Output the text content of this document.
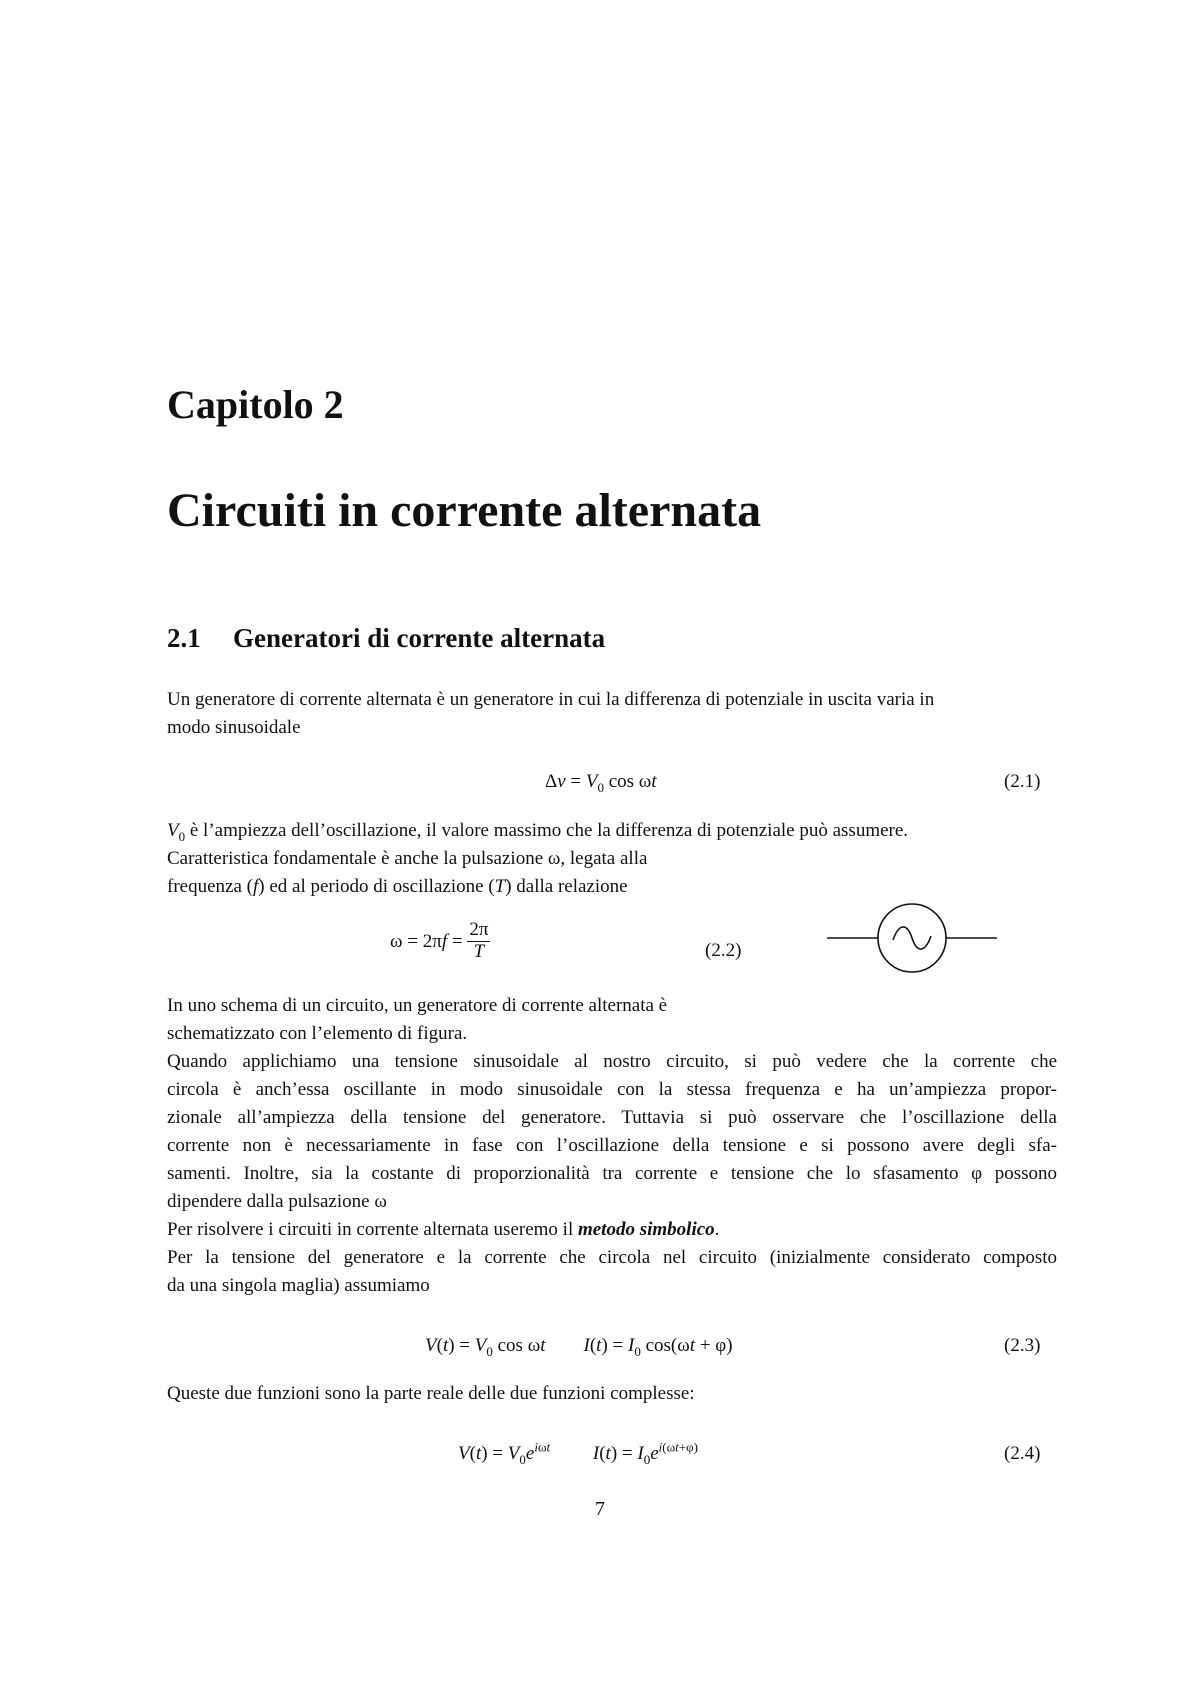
Capitolo 2
Circuiti in corrente alternata
2.1 Generatori di corrente alternata

Un generatore di corrente alternata è un generatore in cui la differenza di potenziale in uscita varia in

modo sinusoidale

$\Delta v = V_0$ cos ωt	(2.1)

$V_0$ è l’ampiezza dell’oscillazione, il valore massimo che la differenza di potenziale può assumere.

Caratteristica fondamentale è anche la pulsazione ω, legata alla

frequenza (f) ed al periodo di oscillazione (T) dalla relazione

$\omega = 2\pi f = \frac{2\pi}{T}$	(2.2)

In uno schema di un circuito, un generatore di corrente alternata è

schematizzato con l’elemento di figura.

Quando applichiamo una tensione sinusoidale al nostro circuito, si può vedere che la corrente che

circola è anch’essa oscillante in modo sinusoidale con la stessa frequenza e ha un’ampiezza propor-

zionale all’ampiezza della tensione del generatore. Tuttavia si può osservare che l’oscillazione della

corrente non è necessariamente in fase con l’oscillazione della tensione e si possono avere degli sfa-

samenti. Inoltre, sia la costante di proporzionalità tra corrente e tensione che lo sfasamento φ possono

dipendere dalla pulsazione ω

Per risolvere i circuiti in corrente alternata useremo il metodo simbolico.

Per la tensione del generatore e la corrente che circola nel circuito (inizialmente considerato composto

da una singola maglia) assumiamo

$V(t) = V_0$ cos ωt $I(t) = I_0$ cos(ωt + φ)	(2.3)

Queste due funzioni sono la parte reale delle due funzioni complesse:

$V(t) = V_0e^{i\omega t}$ $I(t) = I_0e^{i(\omega t+\varphi)}$	(2.4)
7
